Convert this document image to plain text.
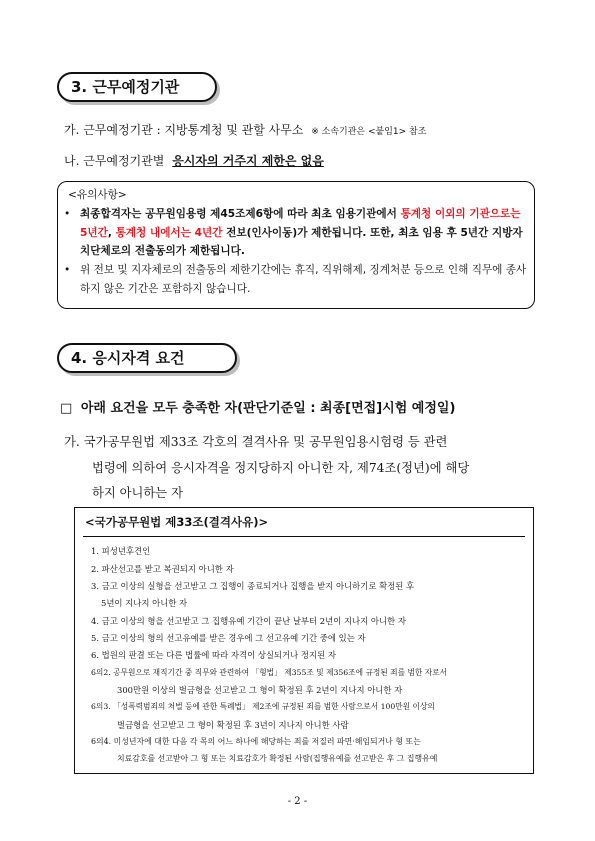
3. 근무예정기관
가. 근무예정기관 : 지방통계청 및 관할 사무소 ※ 소속기관은 <붙임1> 참조
나. 근무예정기관별 응시자의 거주지 제한은 없음
<유의사항>
• 최종합격자는 공무원임용령 제45조제6항에 따라 최초 임용기관에서 통계청 이외의 기관으로는 5년간, 통계청 내에서는 4년간 전보(인사이동)가 제한됩니다. 또한, 최초 임용 후 5년간 지방자치단체로의 전출동의가 제한됩니다.
• 위 전보 및 지자체로의 전출동의 제한기간에는 휴직, 직위해제, 징계처분 등으로 인해 직무에 종사하지 않은 기간은 포함하지 않습니다.
4. 응시자격 요건
□ 아래 요건을 모두 충족한 자(판단기준일 : 최종[면접]시험 예정일)
가. 국가공무원법 제33조 각호의 결격사유 및 공무원임용시험령 등 관련
법령에 의하여 응시자격을 정지당하지 아니한 자, 제74조(정년)에 해당
하지 아니하는 자
<국가공무원법 제33조(결격사유)>
1. 피성년후견인
2. 파산선고를 받고 복권되지 아니한 자
3. 금고 이상의 실형을 선고받고 그 집행이 종료되거나 집행을 받지 아니하기로 확정된 후
5년이 지나지 아니한 자
4. 금고 이상의 형을 선고받고 그 집행유예 기간이 끝난 날부터 2년이 지나지 아니한 자
5. 금고 이상의 형의 선고유예를 받은 경우에 그 선고유예 기간 중에 있는 자
6. 법원의 판결 또는 다른 법률에 따라 자격이 상실되거나 정지된 자
6의2. 공무원으로 재직기간 중 직무와 관련하여 「형법」 제355조 및 제356조에 규정된 죄를 범한 자로서
300만원 이상의 벌금형을 선고받고 그 형이 확정된 후 2년이 지나지 아니한 자
6의3. 「성폭력범죄의 처벌 등에 관한 특례법」 제2조에 규정된 죄를 범한 사람으로서 100만원 이상의
벌금형을 선고받고 그 형이 확정된 후 3년이 지나지 아니한 사람
6의4. 미성년자에 대한 다음 각 목의 어느 하나에 해당하는 죄를 저질러 파면·해임되거나 형 또는
치료감호를 선고받아 그 형 또는 치료감호가 확정된 사람(집행유예를 선고받은 후 그 집행유예
- 2 -
